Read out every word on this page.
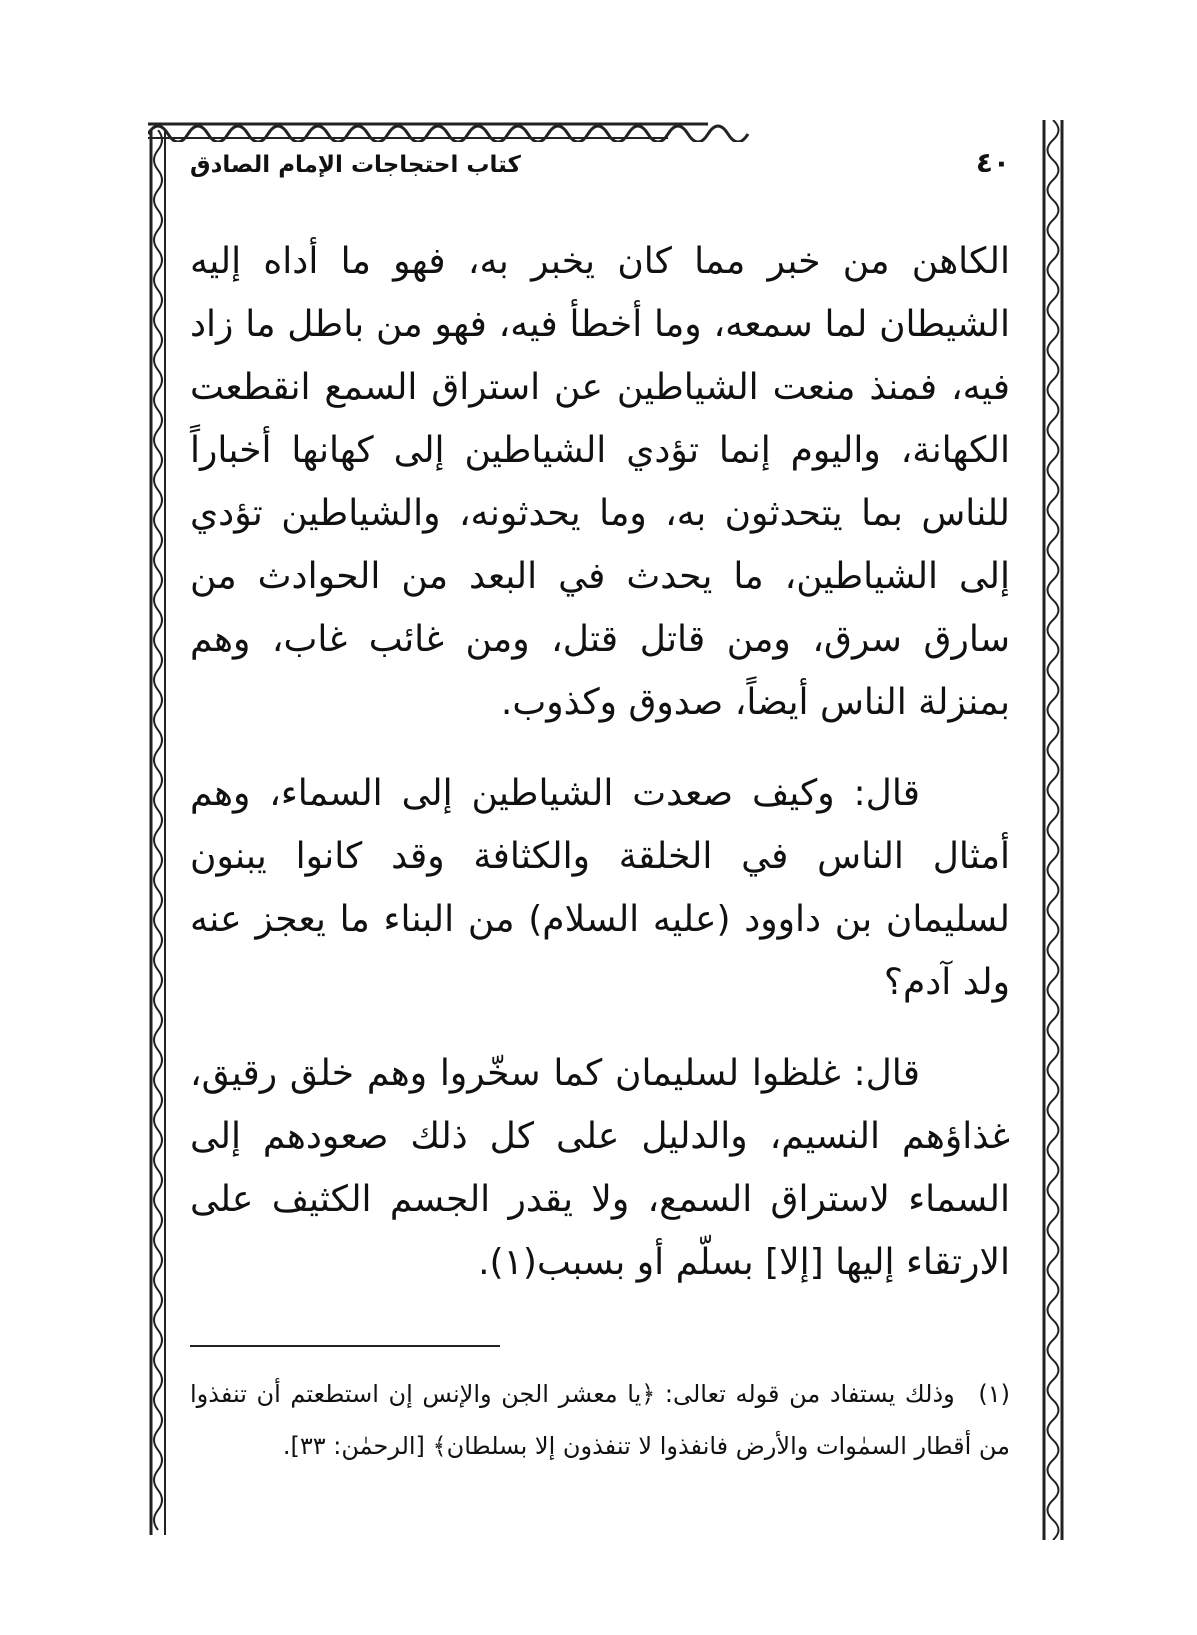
كتاب احتجاجات الإمام الصادق	٤٠

الكاهن من خبر مما كان يخبر به، فهو ما أداه إليه الشيطان لما سمعه، وما أخطأ فيه، فهو من باطل ما زاد فيه، فمنذ منعت الشياطين عن استراق السمع انقطعت الكهانة، واليوم إنما تؤدي الشياطين إلى كهانها أخباراً للناس بما يتحدثون به، وما يحدثونه، والشياطين تؤدي إلى الشياطين، ما يحدث في البعد من الحوادث من سارق سرق، ومن قاتل قتل، ومن غائب غاب، وهم بمنزلة الناس أيضاً، صدوق وكذوب.

قال: وكيف صعدت الشياطين إلى السماء، وهم أمثال الناس في الخلقة والكثافة وقد كانوا يبنون لسليمان بن داوود (عليه السلام) من البناء ما يعجز عنه ولد آدم؟

قال: غلظوا لسليمان كما سخّروا وهم خلق رقيق، غذاؤهم النسيم، والدليل على كل ذلك صعودهم إلى السماء لاستراق السمع، ولا يقدر الجسم الكثيف على الارتقاء إليها [إلا] بسلّم أو بسبب(١).

(١) وذلك يستفاد من قوله تعالى: ﴿يا معشر الجن والإنس إن استطعتم أن تنفذوا من أقطار السمٰوات والأرض فانفذوا لا تنفذون إلا بسلطان﴾ [الرحمٰن: ٣٣].
